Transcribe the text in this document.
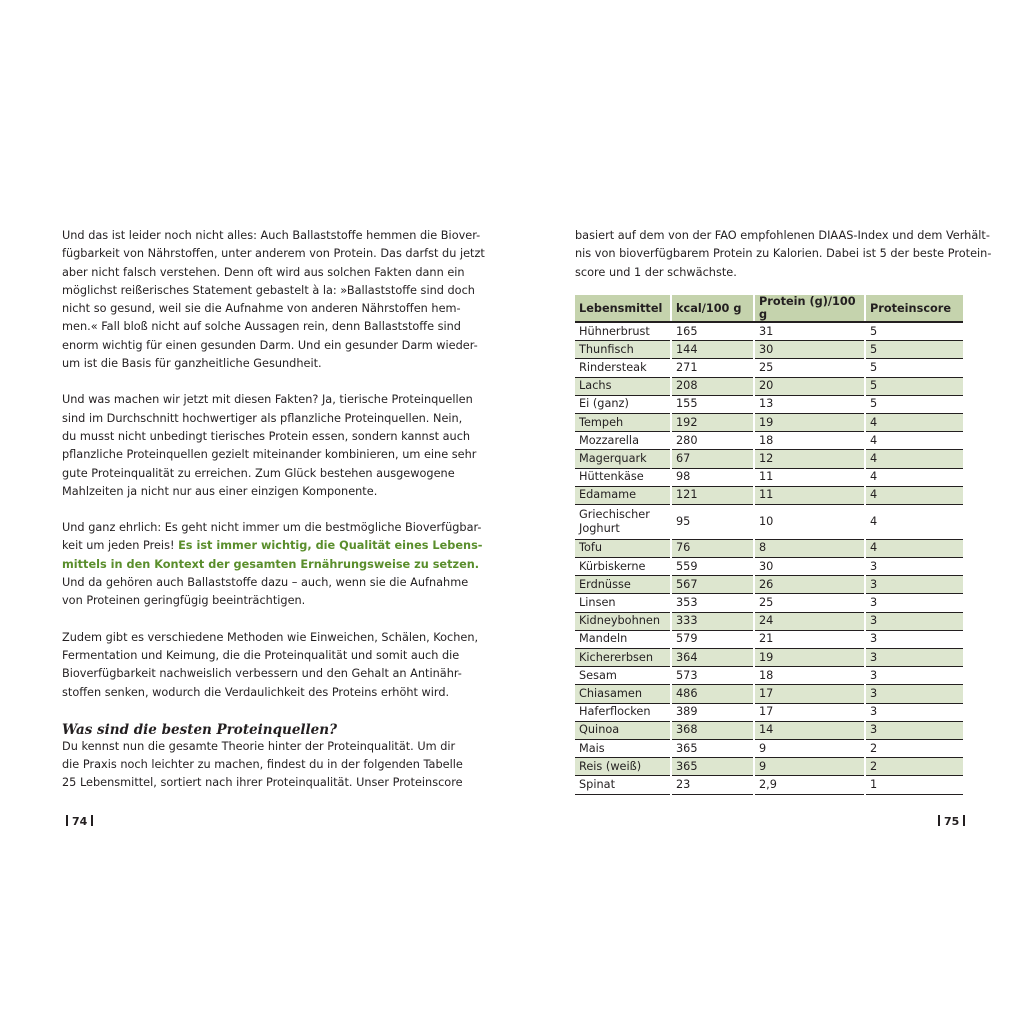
Und das ist leider noch nicht alles: Auch Ballaststoffe hemmen die Biover-
fügbarkeit von Nährstoffen, unter anderem von Protein. Das darfst du jetzt
aber nicht falsch verstehen. Denn oft wird aus solchen Fakten dann ein
möglichst reißerisches Statement gebastelt à la: »Ballaststoffe sind doch
nicht so gesund, weil sie die Aufnahme von anderen Nährstoffen hem-
men.« Fall bloß nicht auf solche Aussagen rein, denn Ballaststoffe sind
enorm wichtig für einen gesunden Darm. Und ein gesunder Darm wieder-
um ist die Basis für ganzheitliche Gesundheit.

Und was machen wir jetzt mit diesen Fakten? Ja, tierische Proteinquellen
sind im Durchschnitt hochwertiger als pflanzliche Proteinquellen. Nein,
du musst nicht unbedingt tierisches Protein essen, sondern kannst auch
pflanzliche Proteinquellen gezielt miteinander kombinieren, um eine sehr
gute Proteinqualität zu erreichen. Zum Glück bestehen ausgewogene
Mahlzeiten ja nicht nur aus einer einzigen Komponente.

Und ganz ehrlich: Es geht nicht immer um die bestmögliche Bioverfügbar-
keit um jeden Preis! Es ist immer wichtig, die Qualität eines Lebens-
mittels in den Kontext der gesamten Ernährungsweise zu setzen.
Und da gehören auch Ballaststoffe dazu – auch, wenn sie die Aufnahme
von Proteinen geringfügig beeinträchtigen.

Zudem gibt es verschiedene Methoden wie Einweichen, Schälen, Kochen,
Fermentation und Keimung, die die Proteinqualität und somit auch die
Bioverfügbarkeit nachweislich verbessern und den Gehalt an Antinähr-
stoffen senken, wodurch die Verdaulichkeit des Proteins erhöht wird.

Was sind die besten Proteinquellen?

Du kennst nun die gesamte Theorie hinter der Proteinqualität. Um dir
die Praxis noch leichter zu machen, findest du in der folgenden Tabelle
25 Lebensmittel, sortiert nach ihrer Proteinqualität. Unser Proteinscore

74

basiert auf dem von der FAO empfohlenen DIAAS-Index und dem Verhält-
nis von bioverfügbarem Protein zu Kalorien. Dabei ist 5 der beste Protein-
score und 1 der schwächste.

Lebensmittel	kcal/100 g	Protein (g)/100 g	Proteinscore
Hühnerbrust	165	31	5
Thunfisch	144	30	5
Rindersteak	271	25	5
Lachs	208	20	5
Ei (ganz)	155	13	5
Tempeh	192	19	4
Mozzarella	280	18	4
Magerquark	67	12	4
Hüttenkäse	98	11	4
Edamame	121	11	4
Griechischer Joghurt	95	10	4
Tofu	76	8	4
Kürbiskerne	559	30	3
Erdnüsse	567	26	3
Linsen	353	25	3
Kidneybohnen	333	24	3
Mandeln	579	21	3
Kichererbsen	364	19	3
Sesam	573	18	3
Chiasamen	486	17	3
Haferflocken	389	17	3
Quinoa	368	14	3
Mais	365	9	2
Reis (weiß)	365	9	2
Spinat	23	2,9	1
75
